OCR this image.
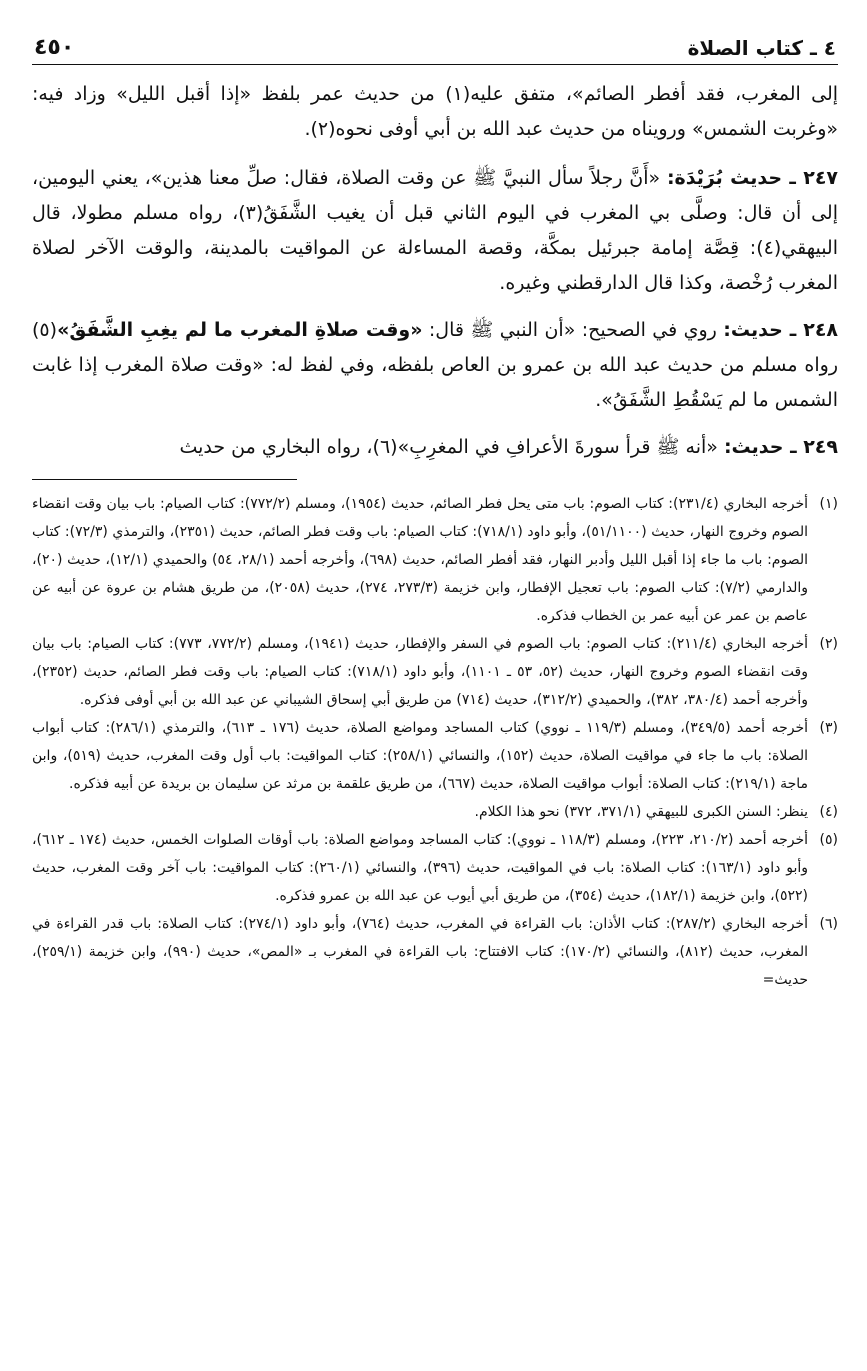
٤ ـ كتاب الصلاة
٤٥٠

إلى المغرب، فقد أفطر الصائم»، متفق عليه(١) من حديث عمر بلفظ «إذا أقبل الليل» وزاد فيه: «وغربت الشمس» ورويناه من حديث عبد الله بن أبي أوفى نحوه(٢).

٢٤٧ ـ حديث بُرَيْدَة: «أَنَّ رجلاً سأل النبيَّ ﷺ عن وقت الصلاة، فقال: صلِّ معنا هذين»، يعني اليومين، إلى أن قال: وصلَّى بي المغرب في اليوم الثاني قبل أن يغيب الشَّفَقُ(٣)، رواه مسلم مطولا، قال البيهقي(٤): قِصَّة إمامة جبرئيل بمكَّة، وقصة المساءلة عن المواقيت بالمدينة، والوقت الآخر لصلاة المغرب رُخْصة، وكذا قال الدارقطني وغيره.

٢٤٨ ـ حديث: روي في الصحيح: «أن النبي ﷺ قال: «وقت صلاةِ المغرب ما لم يغِبِ الشَّفَقُ»(٥) رواه مسلم من حديث عبد الله بن عمرو بن العاص بلفظه، وفي لفظ له: «وقت صلاة المغرب إذا غابت الشمس ما لم يَسْقُطِ الشَّفَقُ».

٢٤٩ ـ حديث: «أنه ﷺ قرأ سورةَ الأعرافِ في المغرِبِ»(٦)، رواه البخاري من حديث

(١)
أخرجه البخاري (٢٣١/٤): كتاب الصوم: باب متى يحل فطر الصائم، حديث (١٩٥٤)، ومسلم (٧٧٢/٢): كتاب الصيام: باب بيان وقت انقضاء الصوم وخروج النهار، حديث (٥١/١١٠٠)، وأبو داود (٧١٨/١): كتاب الصيام: باب وقت فطر الصائم، حديث (٢٣٥١)، والترمذي (٧٢/٣): كتاب الصوم: باب ما جاء إذا أقبل الليل وأدبر النهار، فقد أفطر الصائم، حديث (٦٩٨)، وأخرجه أحمد (٢٨/١، ٥٤) والحميدي (١٢/١)، حديث (٢٠)، والدارمي (٧/٢): كتاب الصوم: باب تعجيل الإفطار، وابن خزيمة (٢٧٣/٣، ٢٧٤)، حديث (٢٠٥٨)، من طريق هشام بن عروة عن أبيه عن عاصم بن عمر عن أبيه عمر بن الخطاب فذكره.
(٢)
أخرجه البخاري (٢١١/٤): كتاب الصوم: باب الصوم في السفر والإفطار، حديث (١٩٤١)، ومسلم (٧٧٢/٢، ٧٧٣): كتاب الصيام: باب بيان وقت انقضاء الصوم وخروج النهار، حديث (٥٢، ٥٣ ـ ١١٠١)، وأبو داود (٧١٨/١): كتاب الصيام: باب وقت فطر الصائم، حديث (٢٣٥٢)، وأخرجه أحمد (٣٨٠/٤، ٣٨٢)، والحميدي (٣١٢/٢)، حديث (٧١٤) من طريق أبي إسحاق الشيباني عن عبد الله بن أبي أوفى فذكره.
(٣)
أخرجه أحمد (٣٤٩/٥)، ومسلم (١١٩/٣ ـ نووي) كتاب المساجد ومواضع الصلاة، حديث (١٧٦ ـ ٦١٣)، والترمذي (٢٨٦/١): كتاب أبواب الصلاة: باب ما جاء في مواقيت الصلاة، حديث (١٥٢)، والنسائي (٢٥٨/١): كتاب المواقيت: باب أول وقت المغرب، حديث (٥١٩)، وابن ماجة (٢١٩/١): كتاب الصلاة: أبواب مواقيت الصلاة، حديث (٦٦٧)، من طريق علقمة بن مرثد عن سليمان بن بريدة عن أبيه فذكره.
(٤)
ينظر: السنن الكبرى للبيهقي (٣٧١/١، ٣٧٢) نحو هذا الكلام.
(٥)
أخرجه أحمد (٢١٠/٢، ٢٢٣)، ومسلم (١١٨/٣ ـ نووي): كتاب المساجد ومواضع الصلاة: باب أوقات الصلوات الخمس، حديث (١٧٤ ـ ٦١٢)، وأبو داود (١٦٣/١): كتاب الصلاة: باب في المواقيت، حديث (٣٩٦)، والنسائي (٢٦٠/١): كتاب المواقيت: باب آخر وقت المغرب، حديث (٥٢٢)، وابن خزيمة (١٨٢/١)، حديث (٣٥٤)، من طريق أبي أيوب عن عبد الله بن عمرو فذكره.
(٦)
أخرجه البخاري (٢٨٧/٢): كتاب الأذان: باب القراءة في المغرب، حديث (٧٦٤)، وأبو داود (٢٧٤/١): كتاب الصلاة: باب قدر القراءة في المغرب، حديث (٨١٢)، والنسائي (١٧٠/٢): كتاب الافتتاح: باب القراءة في المغرب بـ «المص»، حديث (٩٩٠)، وابن خزيمة (٢٥٩/١)، حديث=
